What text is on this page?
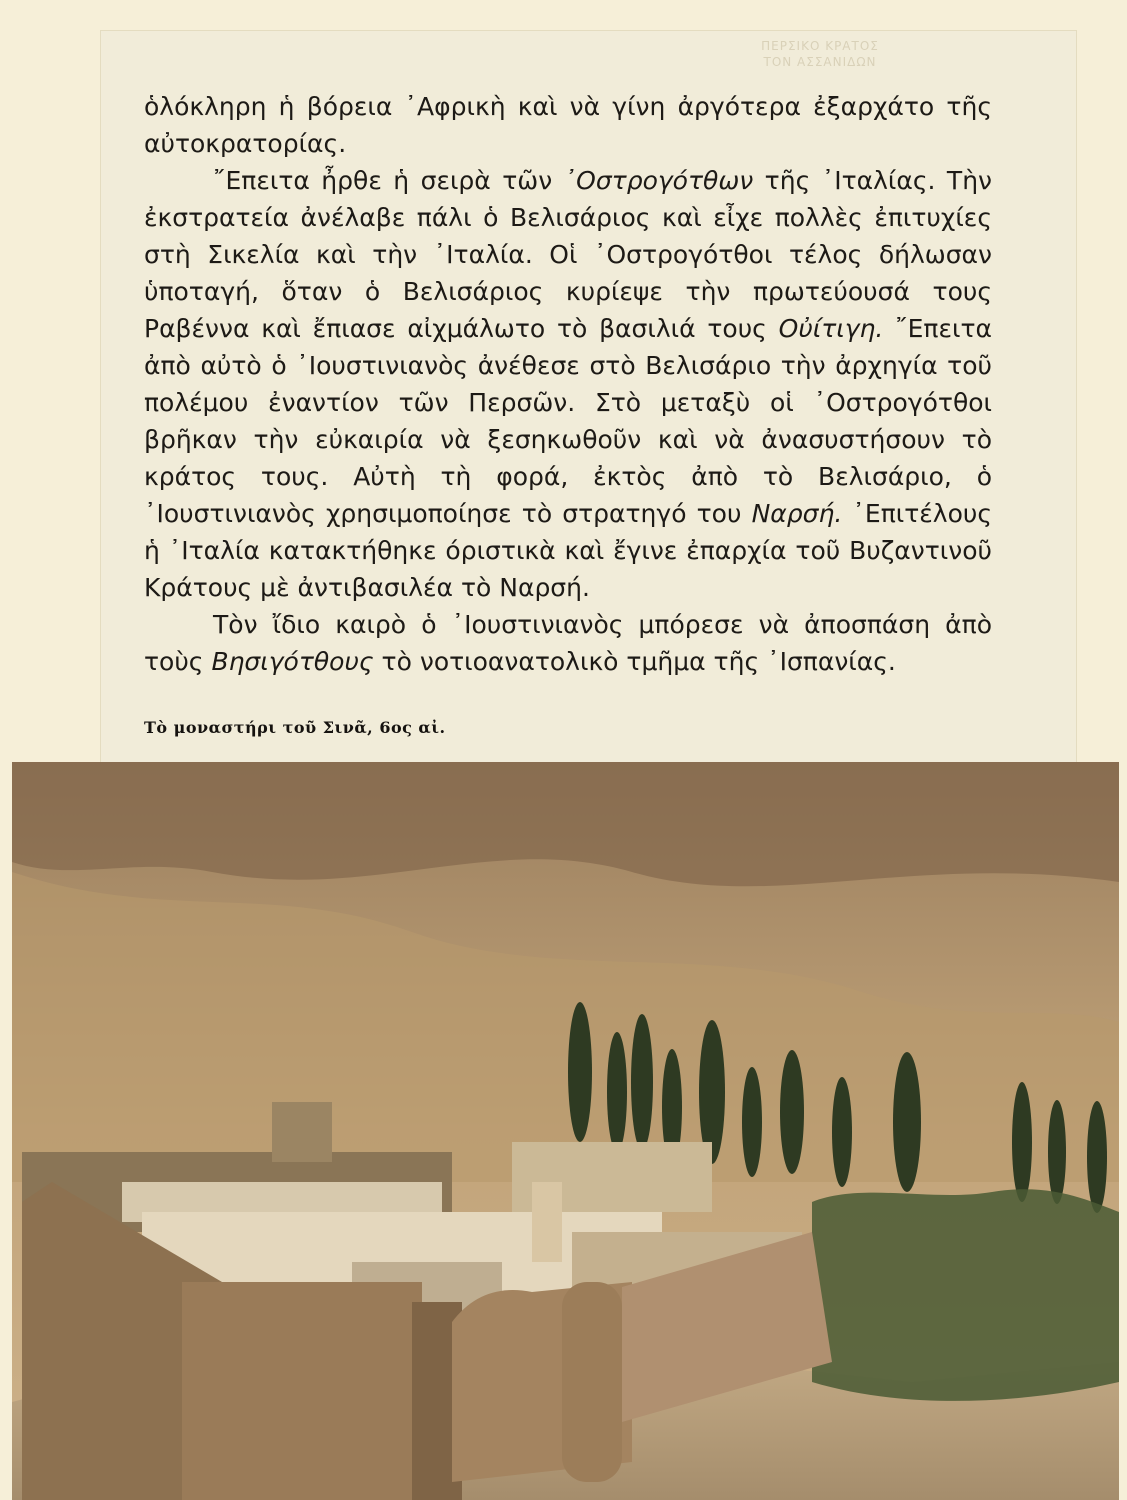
ΠΕΡΣΙΚΟ ΚΡΑΤΟΣ
ΤΟΝ ΑΣΣΑΝΙΔΩΝ

ὁλόκληρη ἡ βόρεια ᾿Αφρικὴ καὶ νὰ γίνη ἀργότερα ἐξαρχάτο τῆς αὐτοκρατορίας.

῎Επειτα ἦρθε ἡ σειρὰ τῶν ᾿Οστρογότθων τῆς ᾿Ιταλίας. Τὴν ἐκστρατεία ἀνέλαβε πάλι ὁ Βελισάριος καὶ εἶχε πολλὲς ἐπιτυχίες στὴ Σικελία καὶ τὴν ᾿Ιταλία. Οἱ ᾿Οστρογότθοι τέλος δήλωσαν ὑποταγή, ὅταν ὁ Βελισάριος κυρίεψε τὴν πρωτεύουσά τους Ραβέννα καὶ ἔπιασε αἰχμάλωτο τὸ βασιλιά τους Οὐίτιγη. ῎Επειτα ἀπὸ αὐτὸ ὁ ᾿Ιουστινιανὸς ἀνέθεσε στὸ Βελισάριο τὴν ἀρχηγία τοῦ πολέμου ἐναντίον τῶν Περσῶν. Στὸ μεταξὺ οἱ ᾿Οστρογότθοι βρῆκαν τὴν εὐκαιρία νὰ ξεσηκωθοῦν καὶ νὰ ἀνασυστήσουν τὸ κράτος τους. Αὐτὴ τὴ φορά, ἐκτὸς ἀπὸ τὸ Βελισάριο, ὁ ᾿Ιουστινιανὸς χρησιμοποίησε τὸ στρατηγό του Ναρσή. ᾿Επιτέλους ἡ ᾿Ιταλία κατακτήθηκε όριστικὰ καὶ ἔγινε ἐπαρχία τοῦ Βυζαντινοῦ Κράτους μὲ ἀντιβασιλέα τὸ Ναρσή.

Τὸν ἴδιο καιρὸ ὁ ᾿Ιουστινιανὸς μπόρεσε νὰ ἀποσπάση ἀπὸ τοὺς Βησιγότθους τὸ νοτιοανατολικὸ τμῆμα τῆς ᾿Ισπανίας.

Τὸ μοναστήρι τοῦ Σινᾶ, 6ος αἰ.
